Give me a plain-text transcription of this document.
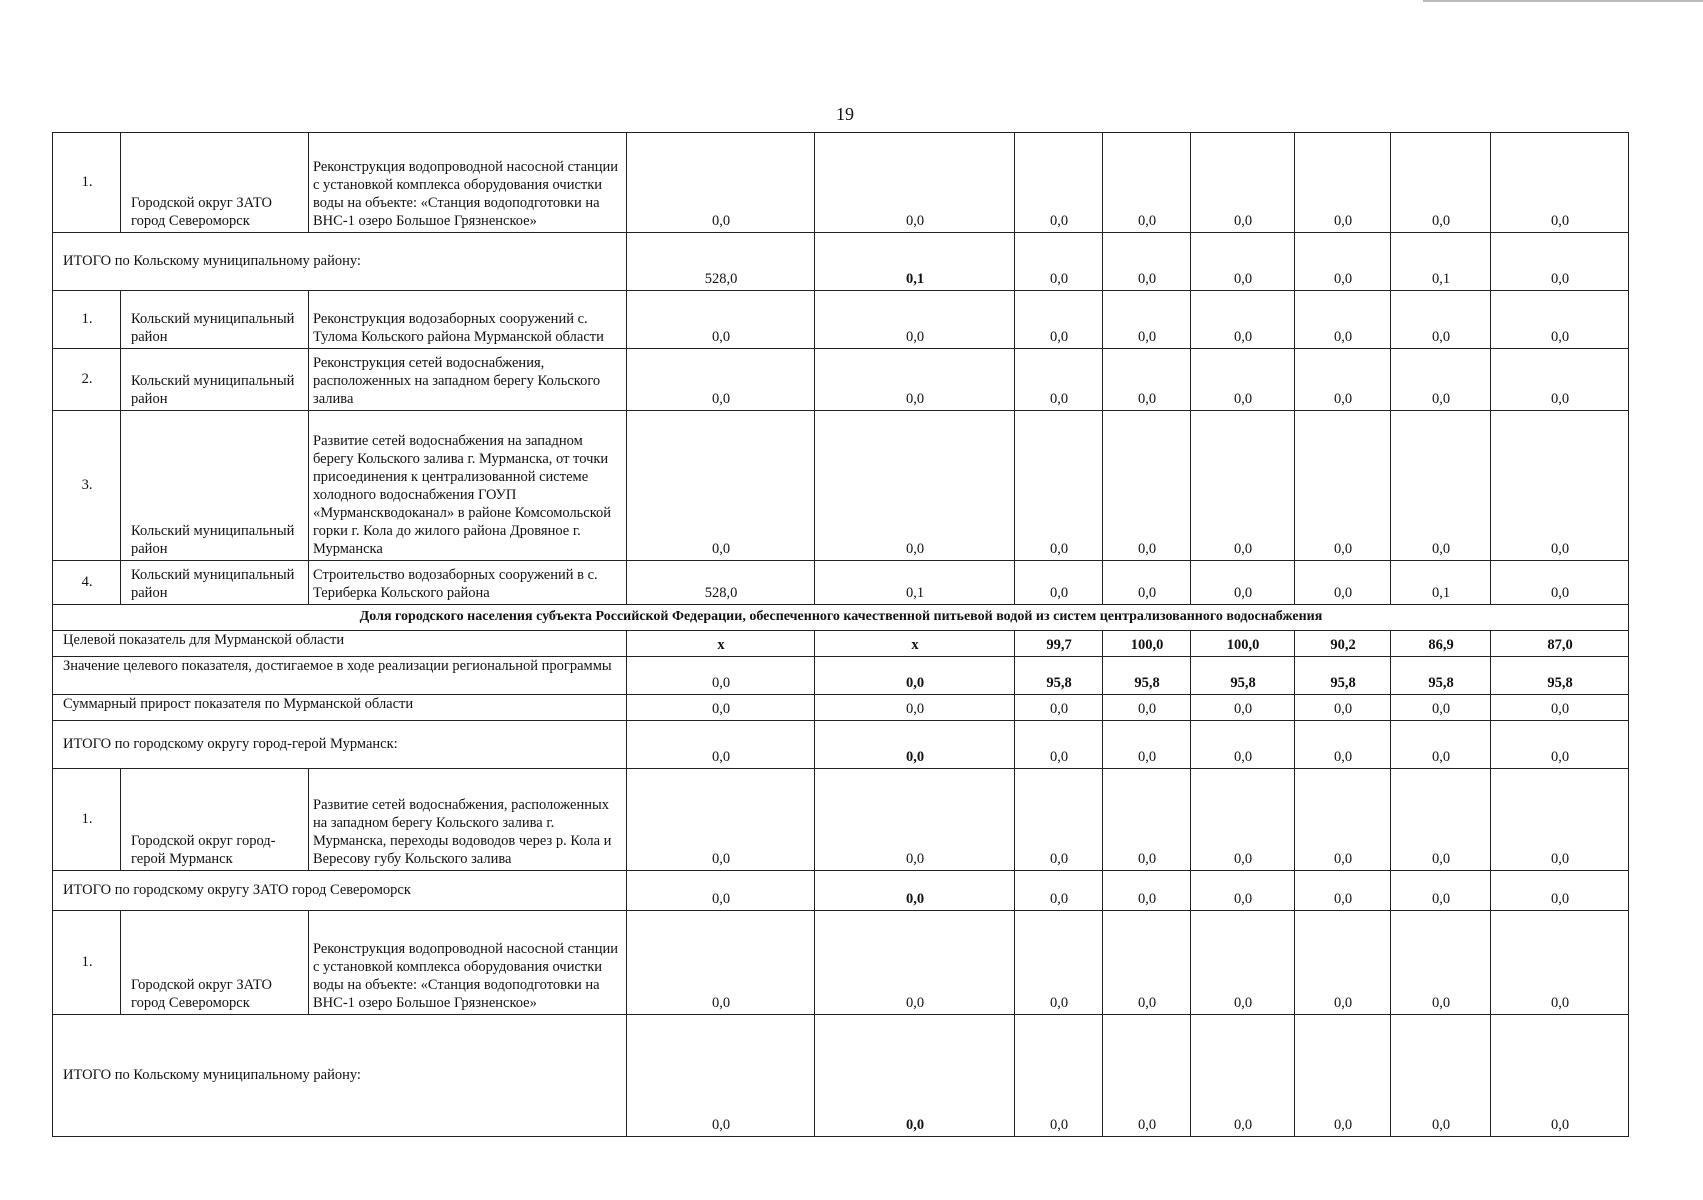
19
1.	Городской округ ЗАТО город Североморск	Реконструкция водопроводной насосной станции с установкой комплекса оборудования очистки воды на объекте: «Станция водоподготовки на ВНС-1 озеро Большое Грязненское»	0,0	0,0	0,0	0,0	0,0	0,0	0,0	0,0
ИТОГО по Кольскому муниципальному району:			528,0	0,1	0,0	0,0	0,0	0,0	0,1	0,0
1.	Кольский муниципальный район	Реконструкция водозаборных сооружений с. Тулома Кольского района Мурманской области	0,0	0,0	0,0	0,0	0,0	0,0	0,0	0,0
2.	Кольский муниципальный район	Реконструкция сетей водоснабжения, расположенных на западном берегу Кольского залива	0,0	0,0	0,0	0,0	0,0	0,0	0,0	0,0
3.	Кольский муниципальный район	Развитие сетей водоснабжения на западном берегу Кольского залива г. Мурманска, от точки присоединения к централизованной системе холодного водоснабжения ГОУП «Мурманскводоканал» в районе Комсомольской горки г. Кола до жилого района Дровяное г. Мурманска	0,0	0,0	0,0	0,0	0,0	0,0	0,0	0,0
4.	Кольский муниципальный район	Строительство водозаборных сооружений в с. Териберка Кольского района	528,0	0,1	0,0	0,0	0,0	0,0	0,1	0,0
Доля городского населения субъекта Российской Федерации, обеспеченного качественной питьевой водой из систем централизованного водоснабжения										
Целевой показатель для Мурманской области			х	х	99,7	100,0	100,0	90,2	86,9	87,0
Значение целевого показателя, достигаемое в ходе реализации региональной программы			0,0	0,0	95,8	95,8	95,8	95,8	95,8	95,8
Суммарный прирост показателя по Мурманской области			0,0	0,0	0,0	0,0	0,0	0,0	0,0	0,0
ИТОГО по городскому округу город-герой Мурманск:			0,0	0,0	0,0	0,0	0,0	0,0	0,0	0,0
1.	Городской округ город-герой Мурманск	Развитие сетей водоснабжения, расположенных на западном берегу Кольского залива г. Мурманска, переходы водоводов через р. Кола и Вересову губу Кольского залива	0,0	0,0	0,0	0,0	0,0	0,0	0,0	0,0
ИТОГО по городскому округу ЗАТО город Североморск			0,0	0,0	0,0	0,0	0,0	0,0	0,0	0,0
1.	Городской округ ЗАТО город Североморск	Реконструкция водопроводной насосной станции с установкой комплекса оборудования очистки воды на объекте: «Станция водоподготовки на ВНС-1 озеро Большое Грязненское»	0,0	0,0	0,0	0,0	0,0	0,0	0,0	0,0
ИТОГО по Кольскому муниципальному району:			0,0	0,0	0,0	0,0	0,0	0,0	0,0	0,0
